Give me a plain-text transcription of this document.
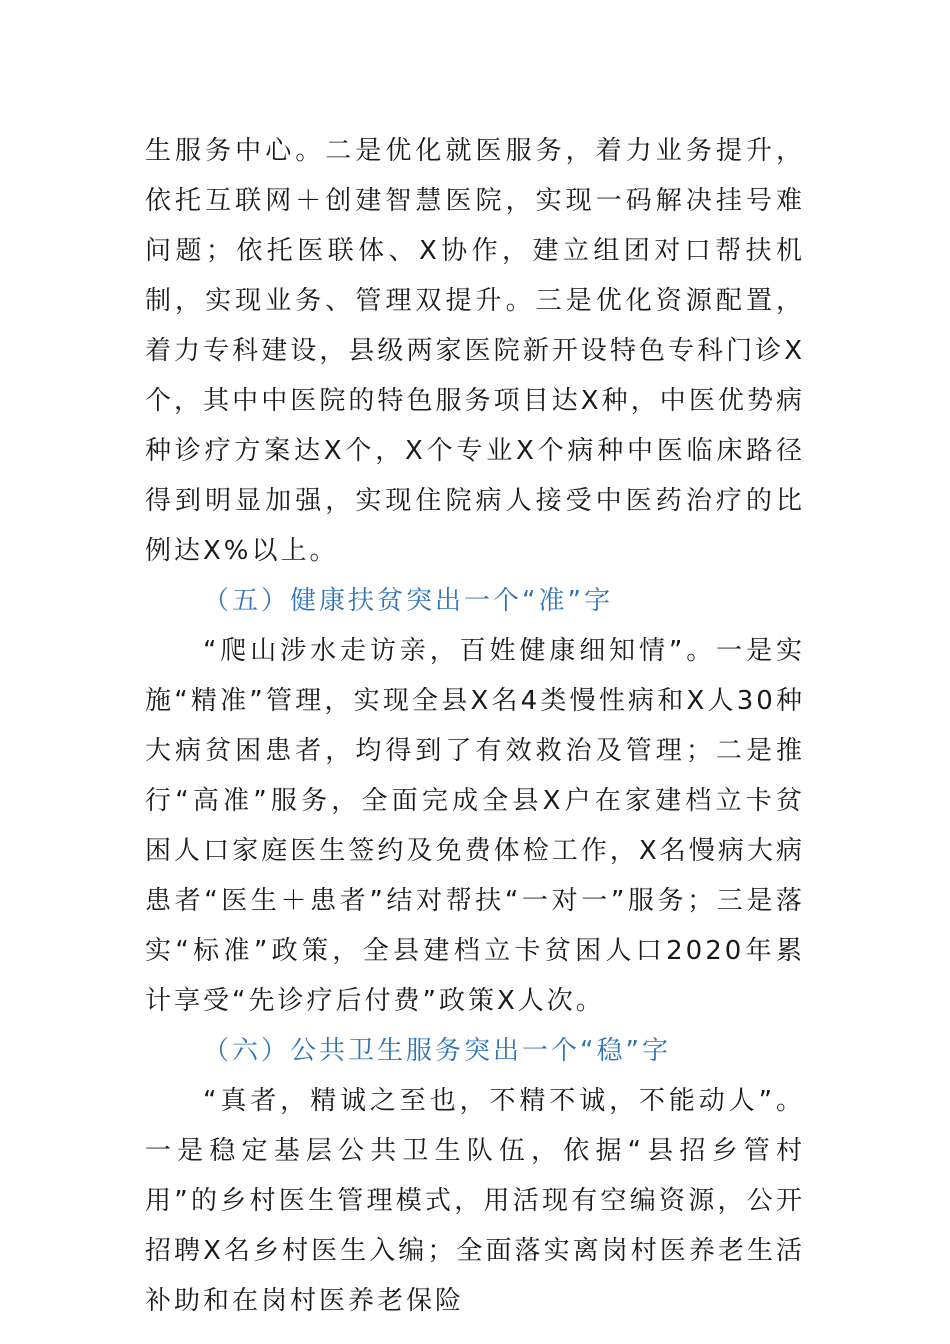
生服务中心。二是优化就医服务，着力业务提升，依托互联网＋创建智慧医院，实现一码解决挂号难问题；依托医联体、X协作，建立组团对口帮扶机制，实现业务、管理双提升。三是优化资源配置，着力专科建设，县级两家医院新开设特色专科门诊X个，其中中医院的特色服务项目达X种，中医优势病种诊疗方案达X个，X个专业X个病种中医临床路径得到明显加强，实现住院病人接受中医药治疗的比例达X%以上。

（五）健康扶贫突出一个“准”字

“爬山涉水走访亲，百姓健康细知情”。一是实施“精准”管理，实现全县X名4类慢性病和X人30种大病贫困患者，均得到了有效救治及管理；二是推行“高准”服务，全面完成全县X户在家建档立卡贫困人口家庭医生签约及免费体检工作，X名慢病大病患者“医生＋患者”结对帮扶“一对一”服务；三是落实“标准”政策，全县建档立卡贫困人口2020年累计享受“先诊疗后付费”政策X人次。

（六）公共卫生服务突出一个“稳”字

“真者，精诚之至也，不精不诚，不能动人”。一是稳定基层公共卫生队伍，依据“县招乡管村用”的乡村医生管理模式，用活现有空编资源，公开招聘X名乡村医生入编；全面落实离岗村医养老生活补助和在岗村医养老保险
